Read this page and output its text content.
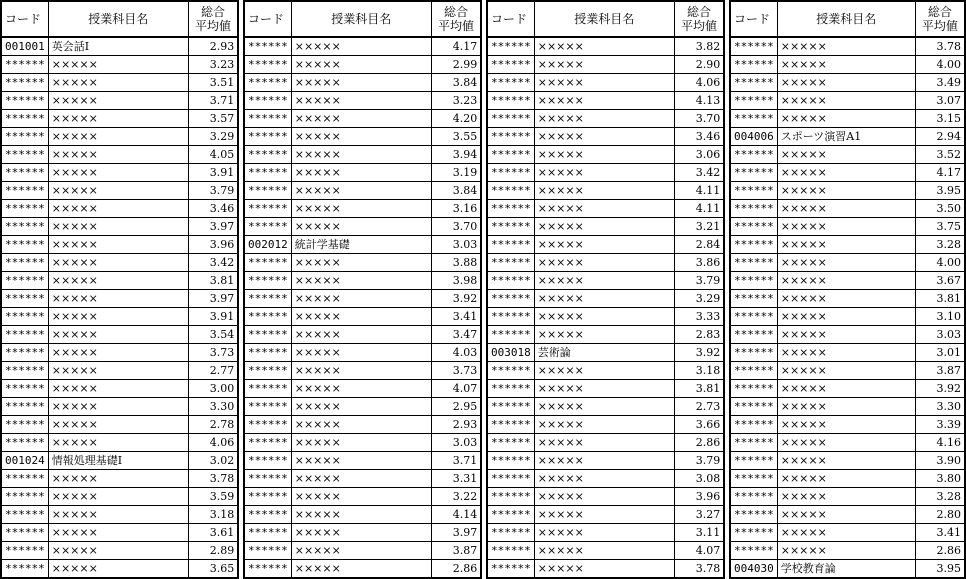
コード	授業科目名	総合
平均値

001001	英会話Ⅰ	2.93
******	×××××	3.23
******	×××××	3.51
******	×××××	3.71
******	×××××	3.57
******	×××××	3.29
******	×××××	4.05
******	×××××	3.91
******	×××××	3.79
******	×××××	3.46
******	×××××	3.97
******	×××××	3.96
******	×××××	3.42
******	×××××	3.81
******	×××××	3.97
******	×××××	3.91
******	×××××	3.54
******	×××××	3.73
******	×××××	2.77
******	×××××	3.00
******	×××××	3.30
******	×××××	2.78
******	×××××	4.06
001024	情報処理基礎Ⅰ	3.02
******	×××××	3.78
******	×××××	3.59
******	×××××	3.18
******	×××××	3.61
******	×××××	2.89
******	×××××	3.65
コード	授業科目名	総合
平均値

******	×××××	4.17
******	×××××	2.99
******	×××××	3.84
******	×××××	3.23
******	×××××	4.20
******	×××××	3.55
******	×××××	3.94
******	×××××	3.19
******	×××××	3.84
******	×××××	3.16
******	×××××	3.70
002012	統計学基礎	3.03
******	×××××	3.88
******	×××××	3.98
******	×××××	3.92
******	×××××	3.41
******	×××××	3.47
******	×××××	4.03
******	×××××	3.73
******	×××××	4.07
******	×××××	2.95
******	×××××	2.93
******	×××××	3.03
******	×××××	3.71
******	×××××	3.31
******	×××××	3.22
******	×××××	4.14
******	×××××	3.97
******	×××××	3.87
******	×××××	2.86
コード	授業科目名	総合
平均値

******	×××××	3.82
******	×××××	2.90
******	×××××	4.06
******	×××××	4.13
******	×××××	3.70
******	×××××	3.46
******	×××××	3.06
******	×××××	3.42
******	×××××	4.11
******	×××××	4.11
******	×××××	3.21
******	×××××	2.84
******	×××××	3.86
******	×××××	3.79
******	×××××	3.29
******	×××××	3.33
******	×××××	2.83
003018	芸術論	3.92
******	×××××	3.18
******	×××××	3.81
******	×××××	2.73
******	×××××	3.66
******	×××××	2.86
******	×××××	3.79
******	×××××	3.08
******	×××××	3.96
******	×××××	3.27
******	×××××	3.11
******	×××××	4.07
******	×××××	3.78
コード	授業科目名	総合
平均値

******	×××××	3.78
******	×××××	4.00
******	×××××	3.49
******	×××××	3.07
******	×××××	3.15
004006	スポーツ演習A1	2.94
******	×××××	3.52
******	×××××	4.17
******	×××××	3.95
******	×××××	3.50
******	×××××	3.75
******	×××××	3.28
******	×××××	4.00
******	×××××	3.67
******	×××××	3.81
******	×××××	3.10
******	×××××	3.03
******	×××××	3.01
******	×××××	3.87
******	×××××	3.92
******	×××××	3.30
******	×××××	3.39
******	×××××	4.16
******	×××××	3.90
******	×××××	3.80
******	×××××	3.28
******	×××××	2.80
******	×××××	3.41
******	×××××	2.86
004030	学校教育論	3.95
